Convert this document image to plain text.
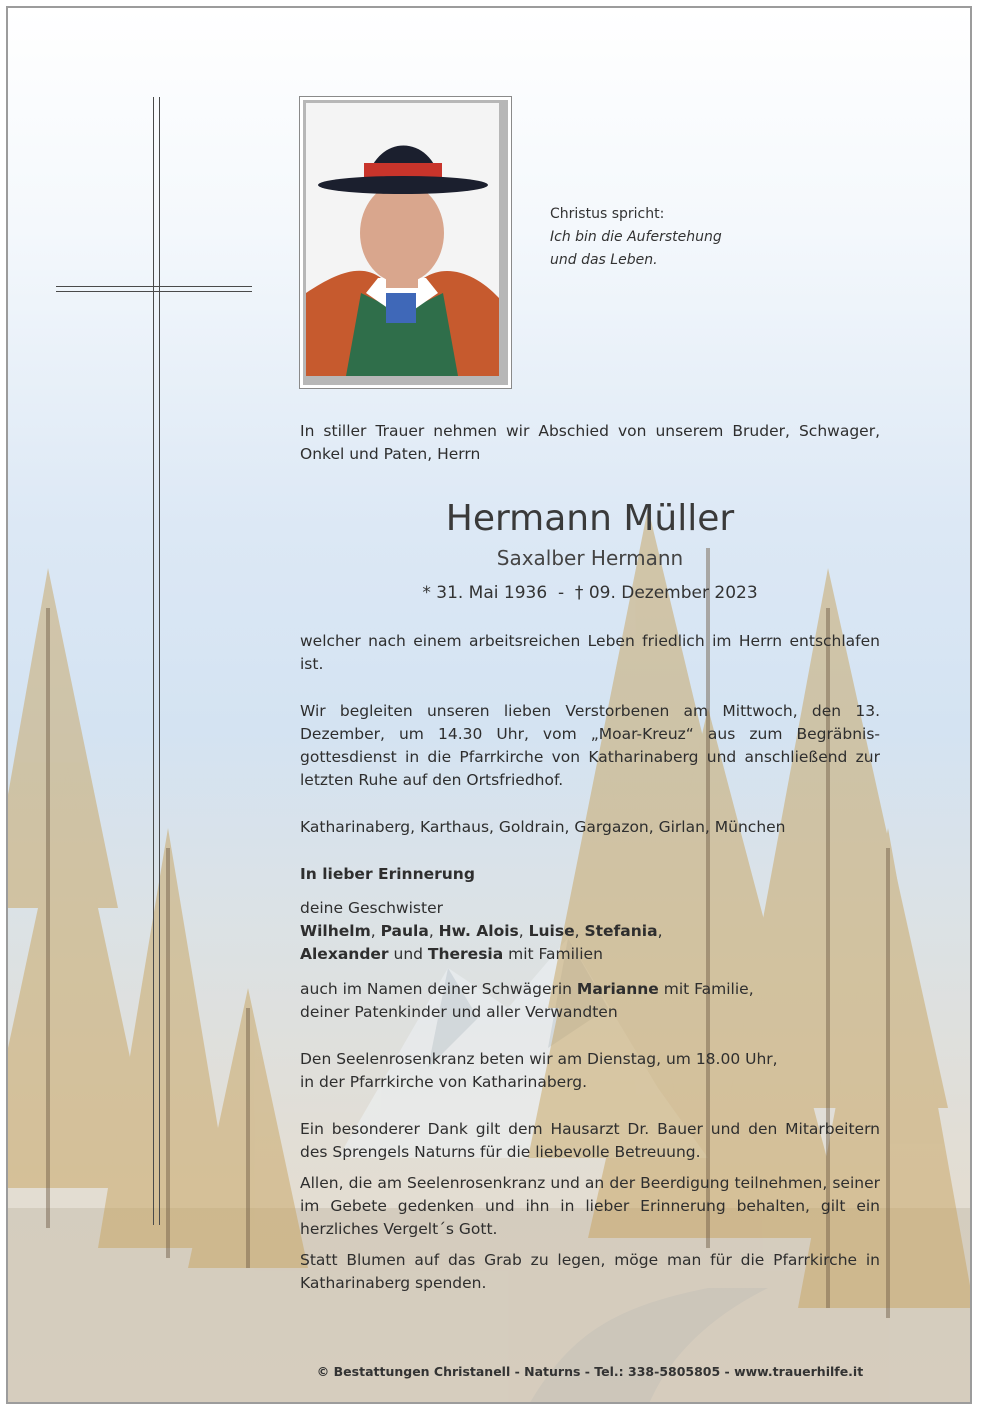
Christus spricht:
Ich bin die Auferstehung
und das Leben.
In stiller Trauer nehmen wir Abschied von unserem Bruder, Schwager, Onkel und Paten, Herrn
Hermann Müller
Saxalber Hermann
* 31. Mai 1936  -  † 09. Dezember 2023
welcher nach einem arbeitsreichen Leben friedlich im Herrn entschlafen ist.
Wir begleiten unseren lieben Verstorbenen am Mittwoch, den 13. Dezember, um 14.30 Uhr, vom „Moar-Kreuz“ aus zum Begräbnis-gottesdienst in die Pfarrkirche von Katharinaberg und anschließend zur letzten Ruhe auf den Ortsfriedhof.
Katharinaberg, Karthaus, Goldrain, Gargazon, Girlan, München
In lieber Erinnerung
deine Geschwister
Wilhelm, Paula, Hw. Alois, Luise, Stefania,
Alexander und Theresia mit Familien
auch im Namen deiner Schwägerin Marianne mit Familie,
deiner Patenkinder und aller Verwandten
Den Seelenrosenkranz beten wir am Dienstag, um 18.00 Uhr,
in der Pfarrkirche von Katharinaberg.
Ein besonderer Dank gilt dem Hausarzt Dr. Bauer und den Mitarbeitern des Sprengels Naturns für die liebevolle Betreuung.
Allen, die am Seelenrosenkranz und an der Beerdigung teilnehmen, seiner im Gebete gedenken und ihn in lieber Erinnerung behalten, gilt ein herzliches Vergelt´s Gott.
Statt Blumen auf das Grab zu legen, möge man für die Pfarrkirche in Katharinaberg spenden.
© Bestattungen Christanell - Naturns - Tel.: 338-5805805 - www.trauerhilfe.it
